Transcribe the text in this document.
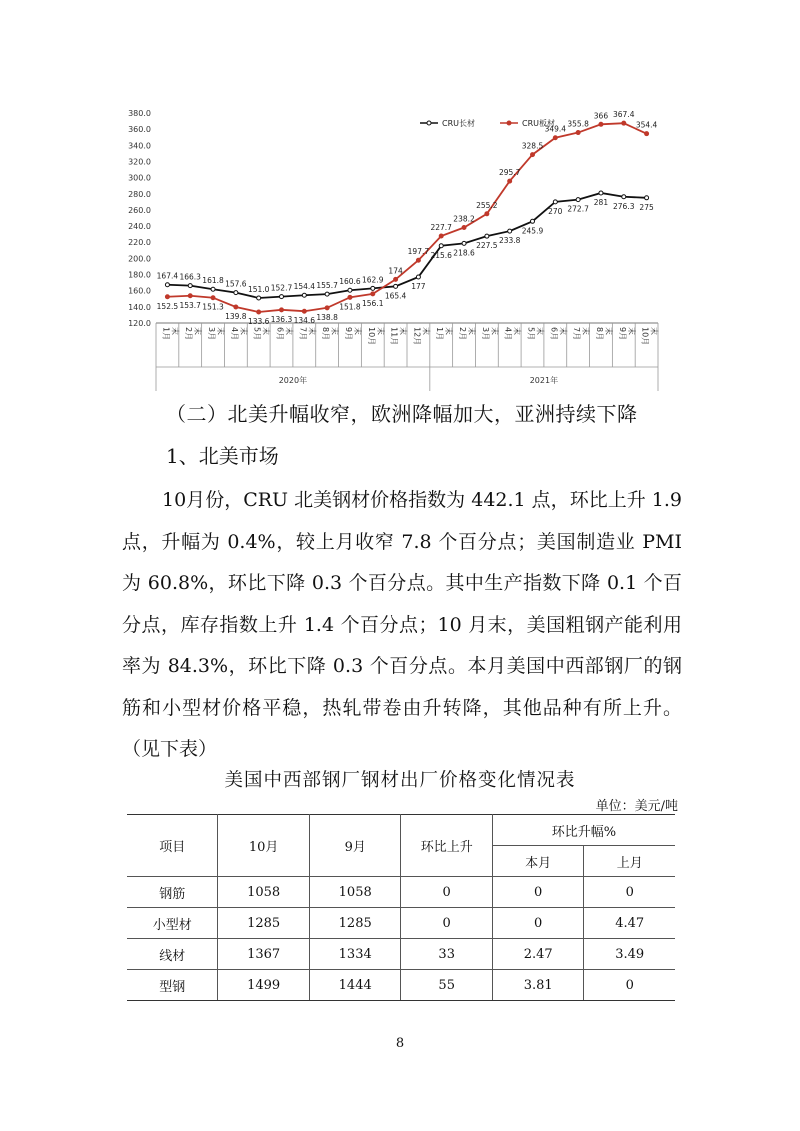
120.0
140.0
160.0
180.0
200.0
220.0
240.0
260.0
280.0
300.0
320.0
340.0
360.0
380.0
1月 末 2月 末 3月 末 4月 末 5月 末 6月 末 7月 末 8月 末 9月 末 10月 末 11月 末 12月 末 1月 末 2月 末 3月 末 4月 末 5月 末 6月 末 7月 末 8月 末 9月 末 10月 末
2020年	2021年
167.4 166.3 161.8 157.6
151.0 152.7 154.4 155.7 160.6 162.9
165.4
177
215.6 218.6
227.5
233.8
245.9
270 272.7
281 276.3 275
152.5 153.7 151.3
139.8
133.6 136.3 134.6 138.8
151.8 156.1
174
197.7
227.7
238.2
255.2
295.7
328.5
349.4
355.8
366 367.4
354.4
CRU长材	CRU板材
（二）北美升幅收窄，欧洲降幅加大，亚洲持续下降
1、北美市场
10月份，CRU 北美钢材价格指数为 442.1 点，环比上升 1.9 点，升幅为 0.4%，较上月收窄 7.8 个百分点；美国制造业 PMI 为 60.8%，环比下降 0.3 个百分点。其中生产指数下降 0.1 个百分点，库存指数上升 1.4 个百分点；10 月末，美国粗钢产能利用率为 84.3%，环比下降 0.3 个百分点。本月美国中西部钢厂的钢筋和小型材价格平稳，热轧带卷由升转降，其他品种有所上升。（见下表）
美国中西部钢厂钢材出厂价格变化情况表
单位：美元/吨
项目	10月	9月	环比上升	环比升幅%	
				本月	上月
钢筋	1058	1058	0	0	0
小型材	1285	1285	0	0	4.47
线材	1367	1334	33	2.47	3.49
型钢	1499	1444	55	3.81	0
8
